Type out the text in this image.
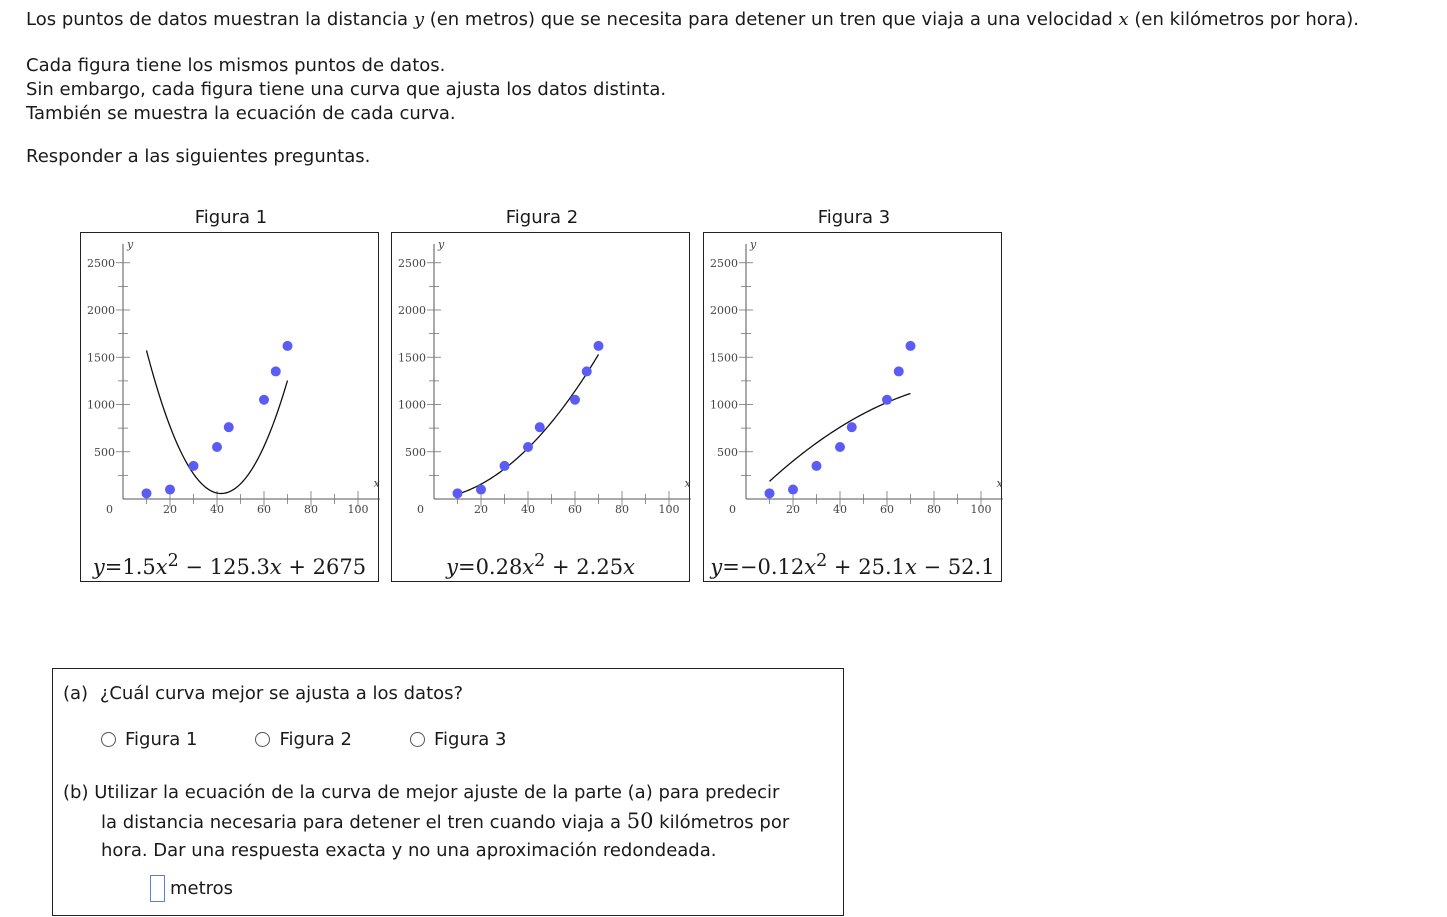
Los puntos de datos muestran la distancia y (en metros) que se necesita para detener un tren que viaja a una velocidad x (en kilómetros por hora).

Cada figura tiene los mismos puntos de datos.

Sin embargo, cada figura tiene una curva que ajusta los datos distinta.

También se muestra la ecuación de cada curva.

Responder a las siguientes preguntas.

Figura 1
20	40	60	80	100
500
1000
1500
2000
2500
0
y
x
$y=1.5x^2 - 125.3x + 2675$
Figura 2
20	40	60	80	100
500
1000
1500
2000
2500
0
y
x
$y=0.28x^2 + 2.25x$
Figura 3
20	40	60	80	100
500
1000
1500
2000
2500
0
y
x
$y=-0.12x^2 + 25.1x - 52.1$
(a) ¿Cuál curva mejor se ajusta a los datos?
Figura 1	Figura 2	Figura 3
(b) Utilizar la ecuación de la curva de mejor ajuste de la parte (a) para predecir
la distancia necesaria para detener el tren cuando viaja a 50 kilómetros por
hora. Dar una respuesta exacta y no una aproximación redondeada.
metros
